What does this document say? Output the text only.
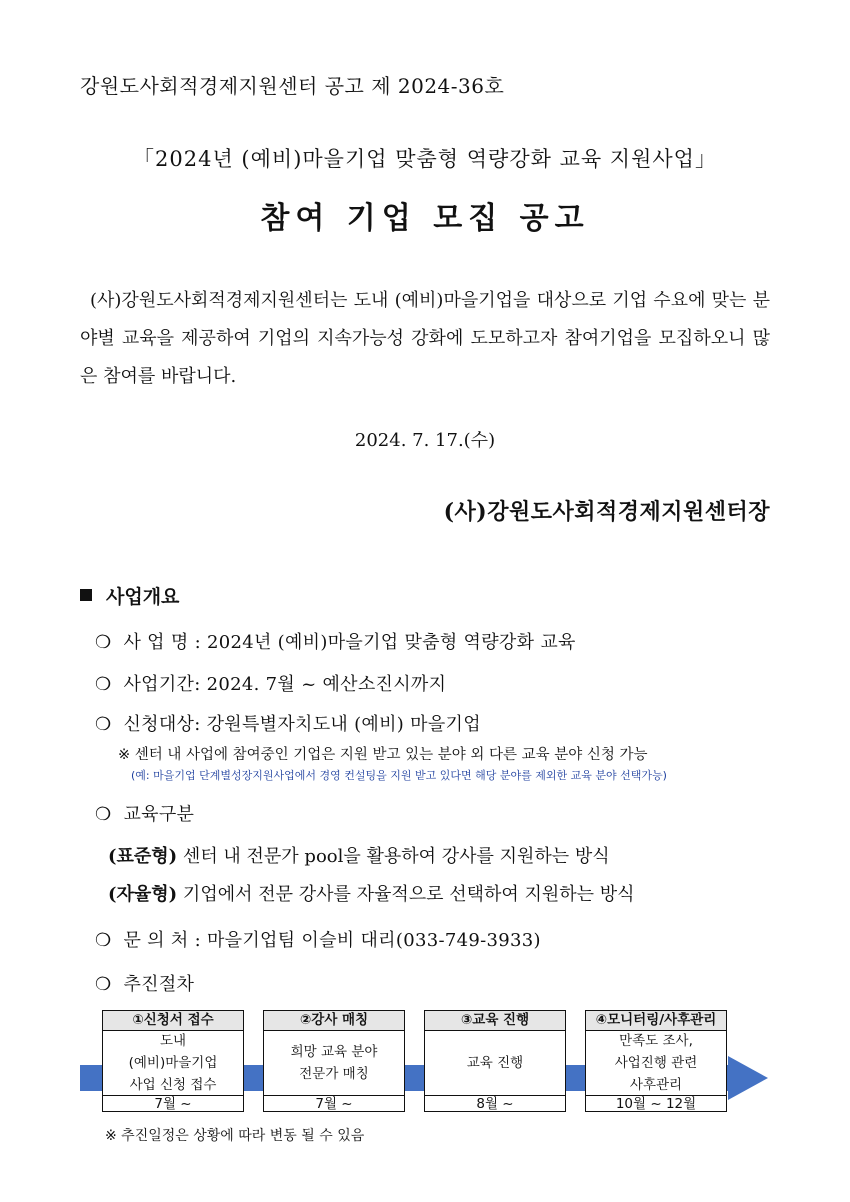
강원도사회적경제지원센터 공고 제 2024-36호
「2024년 (예비)마을기업 맞춤형 역량강화 교육 지원사업」
참여 기업 모집 공고

(사)강원도사회적경제지원센터는 도내 (예비)마을기업을 대상으로 기업 수요에 맞는 분야별 교육을 제공하여 기업의 지속가능성 강화에 도모하고자 참여기업을 모집하오니 많은 참여를 바랍니다.

2024. 7. 17.(수)
(사)강원도사회적경제지원센터장
사업개요
❍ 사 업 명 : 2024년 (예비)마을기업 맞춤형 역량강화 교육
❍ 사업기간: 2024. 7월 ~ 예산소진시까지
❍ 신청대상: 강원특별자치도내 (예비) 마을기업
※ 센터 내 사업에 참여중인 기업은 지원 받고 있는 분야 외 다른 교육 분야 신청 가능
(예: 마을기업 단계별성장지원사업에서 경영 컨설팅을 지원 받고 있다면 해당 분야를 제외한 교육 분야 선택가능)
❍ 교육구분
(표준형) 센터 내 전문가 pool을 활용하여 강사를 지원하는 방식
(자율형) 기업에서 전문 강사를 자율적으로 선택하여 지원하는 방식
❍ 문 의 처 : 마을기업팀 이슬비 대리(033-749-3933)
❍ 추진절차
①신청서 접수
도내
(예비)마을기업
사업 신청 접수
7월 ~
②강사 매칭
희망 교육 분야
전문가 매칭
7월 ~
③교육 진행
교육 진행
8월 ~
④모니터링/사후관리
만족도 조사,
사업진행 관련
사후관리
10월 ~ 12월
※ 추진일정은 상황에 따라 변동 될 수 있음
